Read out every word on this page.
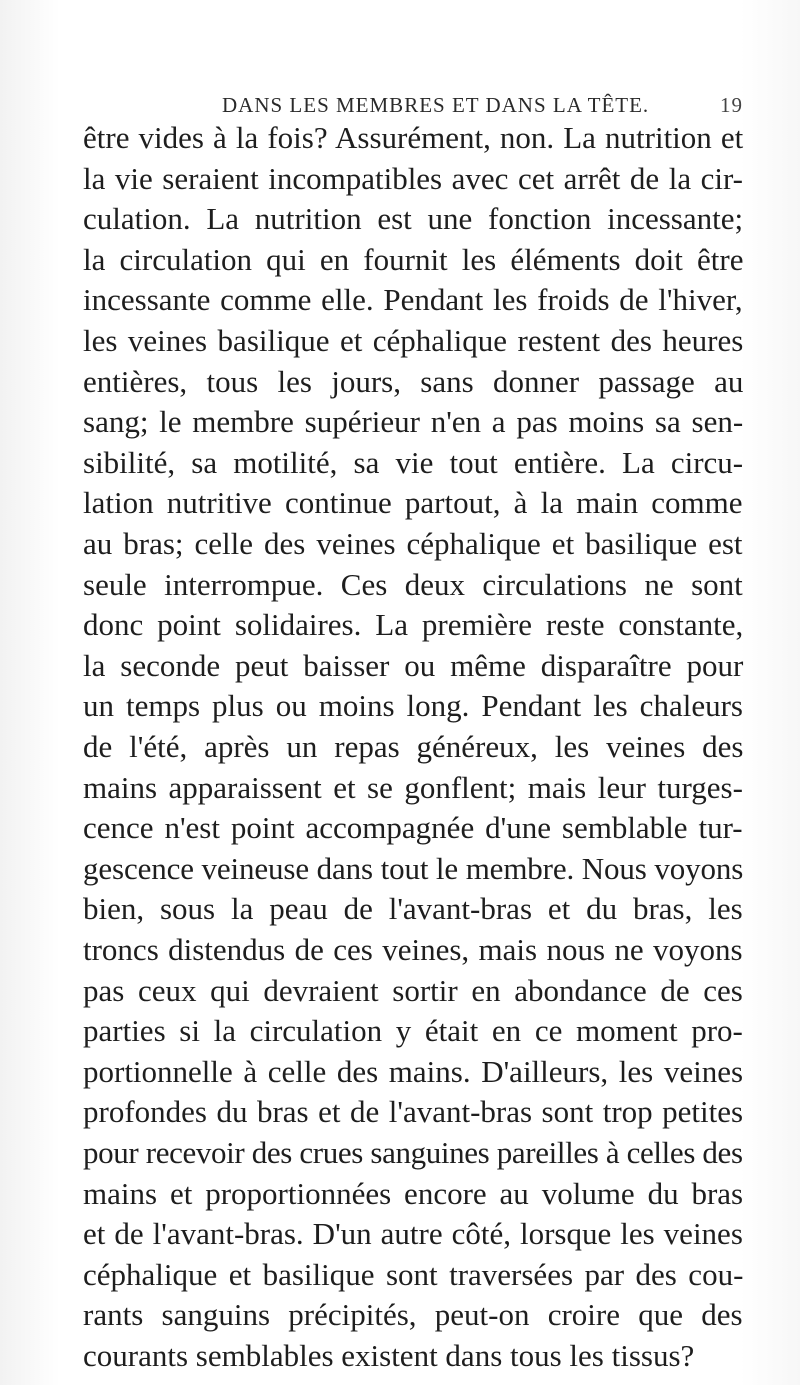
DANS LES MEMBRES ET DANS LA TÊTE.	19
être vides à la fois? Assurément, non. La nutrition et
la vie seraient incompatibles avec cet arrêt de la cir-
culation. La nutrition est une fonction incessante;
la circulation qui en fournit les éléments doit être
incessante comme elle. Pendant les froids de l'hiver,
les veines basilique et céphalique restent des heures
entières, tous les jours, sans donner passage au
sang; le membre supérieur n'en a pas moins sa sen-
sibilité, sa motilité, sa vie tout entière. La circu-
lation nutritive continue partout, à la main comme
au bras; celle des veines céphalique et basilique est
seule interrompue. Ces deux circulations ne sont
donc point solidaires. La première reste constante,
la seconde peut baisser ou même disparaître pour
un temps plus ou moins long. Pendant les chaleurs
de l'été, après un repas généreux, les veines des
mains apparaissent et se gonflent; mais leur turges-
cence n'est point accompagnée d'une semblable tur-
gescence veineuse dans tout le membre. Nous voyons
bien, sous la peau de l'avant-bras et du bras, les
troncs distendus de ces veines, mais nous ne voyons
pas ceux qui devraient sortir en abondance de ces
parties si la circulation y était en ce moment pro-
portionnelle à celle des mains. D'ailleurs, les veines
profondes du bras et de l'avant-bras sont trop petites
pour recevoir des crues sanguines pareilles à celles des
mains et proportionnées encore au volume du bras
et de l'avant-bras. D'un autre côté, lorsque les veines
céphalique et basilique sont traversées par des cou-
rants sanguins précipités, peut-on croire que des
courants semblables existent dans tous les tissus?
